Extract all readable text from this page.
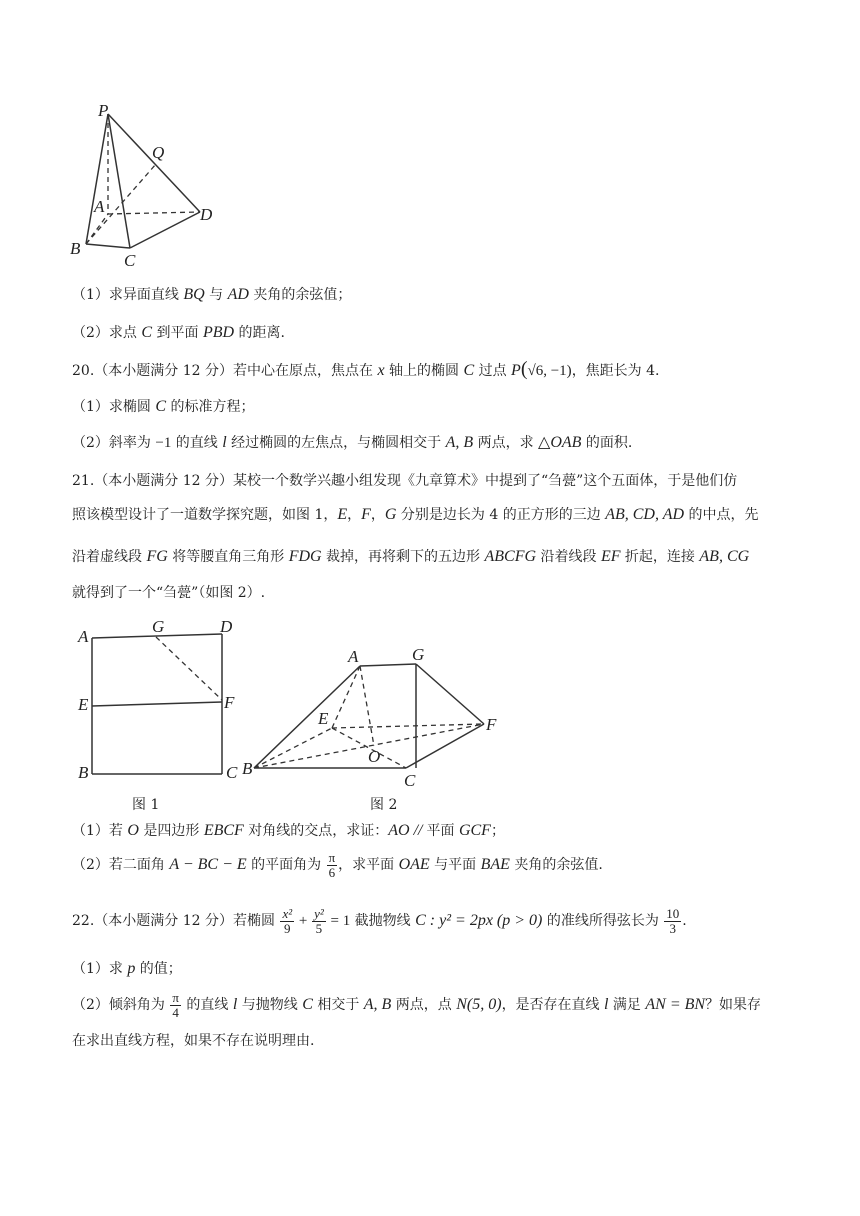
P
Q
A
B
C
D
（1）求异面直线 BQ 与 AD 夹角的余弦值；
（2）求点 C 到平面 PBD 的距离.
20.（本小题满分 12 分）若中心在原点，焦点在 x 轴上的椭圆 C 过点 P(√6, −1)，焦距长为 4.
（1）求椭圆 C 的标准方程；
（2）斜率为 −1 的直线 l 经过椭圆的左焦点，与椭圆相交于 A, B 两点，求 △OAB 的面积.
21.（本小题满分 12 分）某校一个数学兴趣小组发现《九章算术》中提到了“刍甍”这个五面体，于是他们仿
照该模型设计了一道数学探究题，如图 1，E，F，G 分别是边长为 4 的正方形的三边 AB, CD, AD 的中点，先
沿着虚线段 FG 将等腰直角三角形 FDG 裁掉，再将剩下的五边形 ABCFG 沿着线段 EF 折起，连接 AB, CG
就得到了一个“刍甍”（如图 2）.
A
G	D
E	F
B	C
图 1
A	G
E	F
O
B
C
图 2
（1）若 O 是四边形 EBCF 对角线的交点，求证：AO // 平面 GCF；
（2）若二面角 A − BC − E 的平面角为 $\frac{\pi}{6}$ ，求平面 OAE 与平面 BAE 夹角的余弦值.
22.（本小题满分 12 分）若椭圆 $\frac{\text{x²}}{9} + \frac{\text{y²}}{5} = 1$ 截抛物线 C : y² = 2px (p > 0) 的准线所得弦长为 $\frac{10}{3}$ .
（1）求 p 的值；
（2）倾斜角为 $\frac{\pi}{4}$ 的直线 l 与抛物线 C 相交于 A, B 两点，点 N(5, 0)，是否存在直线 l 满足 AN = BN？如果存
在求出直线方程，如果不存在说明理由.
